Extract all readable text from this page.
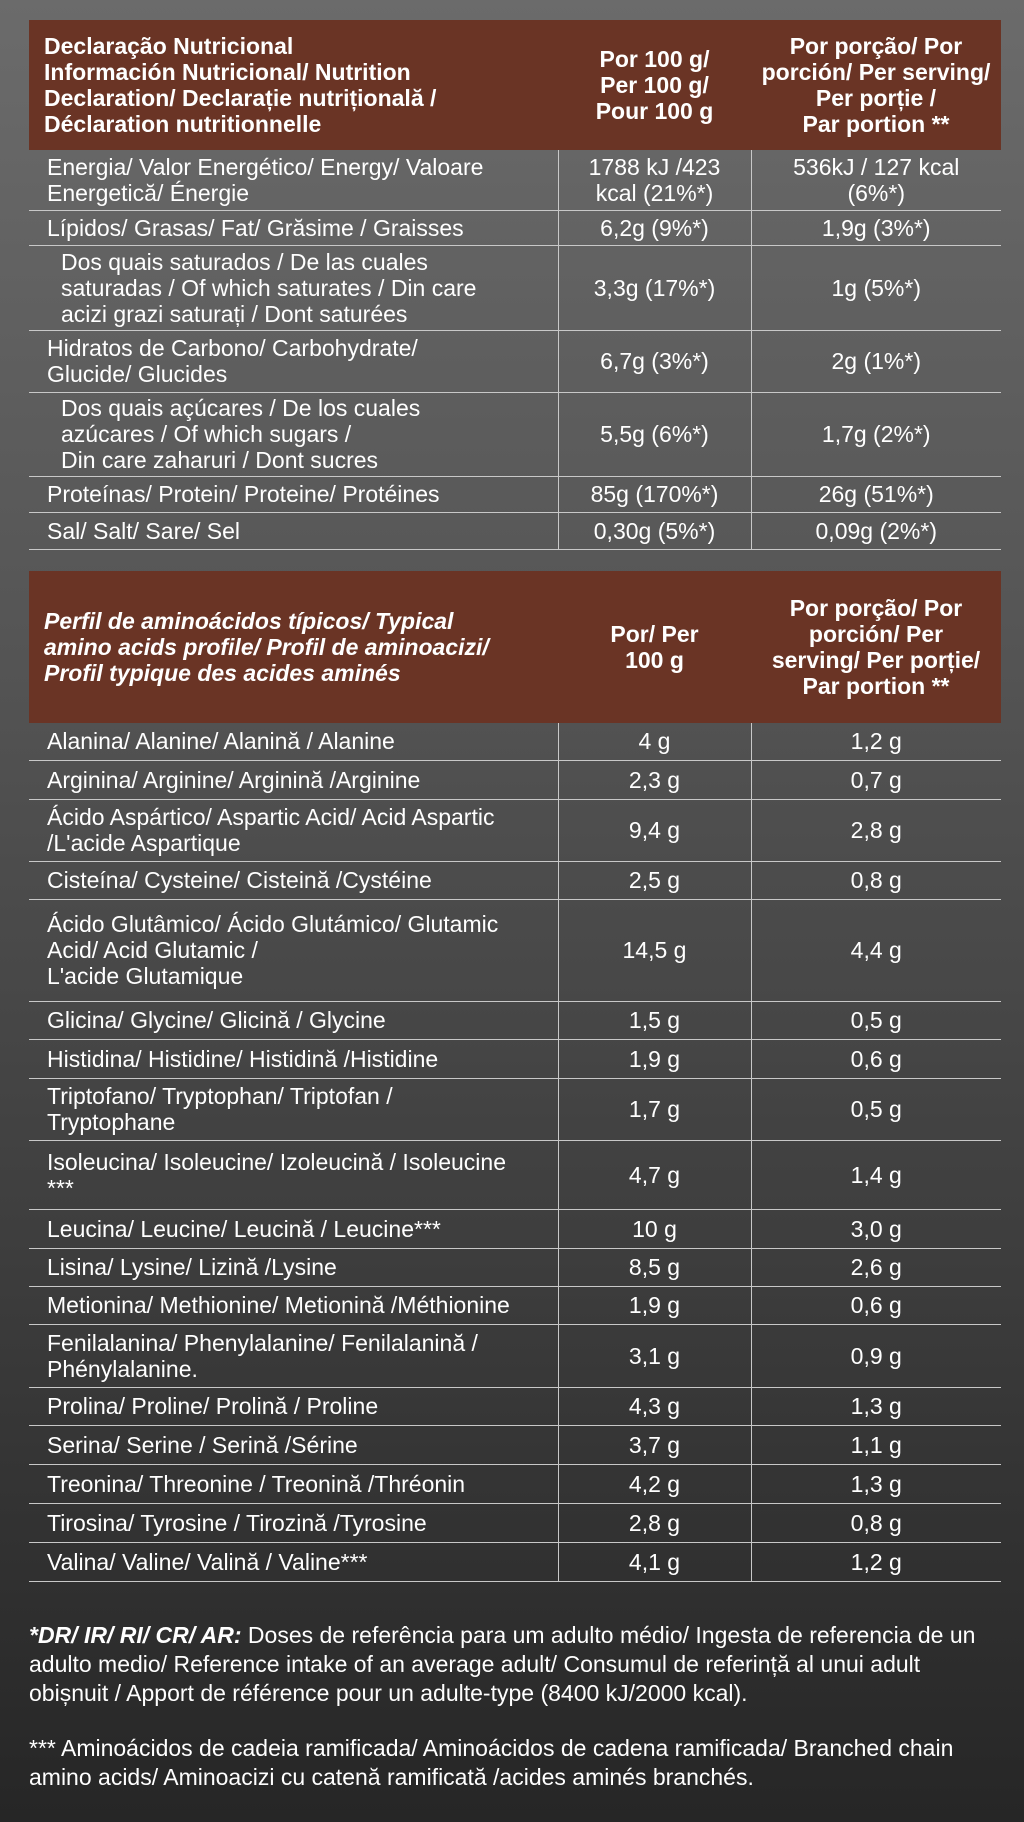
Declaração Nutricional
Información Nutricional/ Nutrition
Declaration/ Declarație nutrițională /
Déclaration nutritionnelle	Por 100 g/
Per 100 g/
Pour 100 g	Por porção/ Por
porción/ Per serving/
Per porție /
Par portion **
Energia/ Valor Energético/ Energy/ Valoare
Energetică/ Énergie	1788 kJ /423
kcal (21%*)	536kJ / 127 kcal
(6%*)
Lípidos/ Grasas/ Fat/ Grăsime / Graisses	6,2g (9%*)	1,9g (3%*)
Dos quais saturados / De las cuales
saturadas / Of which saturates / Din care
acizi grazi saturați / Dont saturées	3,3g (17%*)	1g (5%*)
Hidratos de Carbono/ Carbohydrate/
Glucide/ Glucides	6,7g (3%*)	2g (1%*)
Dos quais açúcares / De los cuales
azúcares / Of which sugars /
Din care zaharuri / Dont sucres	5,5g (6%*)	1,7g (2%*)
Proteínas/ Protein/ Proteine/ Protéines	85g (170%*)	26g (51%*)
Sal/ Salt/ Sare/ Sel	0,30g (5%*)	0,09g (2%*)
Perfil de aminoácidos típicos/ Typical
amino acids profile/ Profil de aminoacizi/
Profil typique des acides aminés	Por/ Per
100 g	Por porção/ Por
porción/ Per
serving/ Per porție/
Par portion **
Alanina/ Alanine/ Alanină / Alanine	4 g	1,2 g
Arginina/ Arginine/ Arginină /Arginine	2,3 g	0,7 g
Ácido Aspártico/ Aspartic Acid/ Acid Aspartic
/L'acide Aspartique	9,4 g	2,8 g
Cisteína/ Cysteine/ Cisteină /Cystéine	2,5 g	0,8 g
Ácido Glutâmico/ Ácido Glutámico/ Glutamic
Acid/ Acid Glutamic /
L'acide Glutamique	14,5 g	4,4 g
Glicina/ Glycine/ Glicină / Glycine	1,5 g	0,5 g
Histidina/ Histidine/ Histidină /Histidine	1,9 g	0,6 g
Triptofano/ Tryptophan/ Triptofan /
Tryptophane	1,7 g	0,5 g
Isoleucina/ Isoleucine/ Izoleucină / Isoleucine
***	4,7 g	1,4 g
Leucina/ Leucine/ Leucină / Leucine***	10 g	3,0 g
Lisina/ Lysine/ Lizină /Lysine	8,5 g	2,6 g
Metionina/ Methionine/ Metionină /Méthionine	1,9 g	0,6 g
Fenilalanina/ Phenylalanine/ Fenilalanină /
Phénylalanine.	3,1 g	0,9 g
Prolina/ Proline/ Prolină / Proline	4,3 g	1,3 g
Serina/ Serine / Serină /Sérine	3,7 g	1,1 g
Treonina/ Threonine / Treonină /Thréonin	4,2 g	1,3 g
Tirosina/ Tyrosine / Tirozină /Tyrosine	2,8 g	0,8 g
Valina/ Valine/ Valină / Valine***	4,1 g	1,2 g
*DR/ IR/ RI/ CR/ AR: Doses de referência para um adulto médio/ Ingesta de referencia de un adulto medio/ Reference intake of an average adult/ Consumul de referință al unui adult obișnuit / Apport de référence pour un adulte-type (8400 kJ/2000 kcal).
*** Aminoácidos de cadeia ramificada/ Aminoácidos de cadena ramificada/ Branched chain amino acids/ Aminoacizi cu catenă ramificată /acides aminés branchés.
